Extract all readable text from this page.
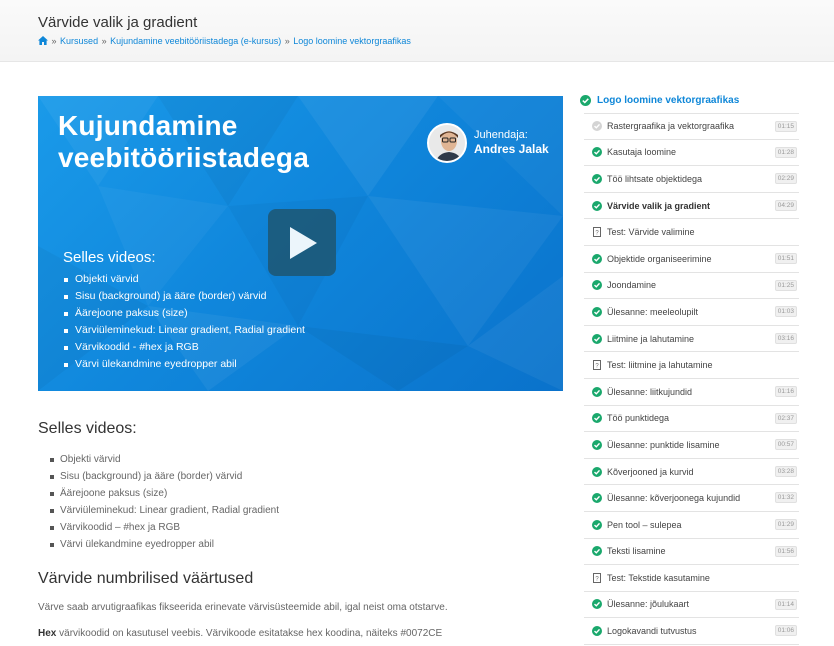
Värvide valik ja gradient
» Kursused » Kujundamine veebitööriistadega (e-kursus) » Logo loomine vektorgraafikas
Kujundamine
veebitööriistadega
Juhendaja:
Andres Jalak
Selles videos:
Objekti värvid
Sisu (background) ja ääre (border) värvid
Äärejoone paksus (size)
Värviüleminekud: Linear gradient, Radial gradient
Värvikoodid - #hex ja RGB
Värvi ülekandmine eyedropper abil
Selles videos:
Objekti värvid
Sisu (background) ja ääre (border) värvid
Äärejoone paksus (size)
Värviüleminekud: Linear gradient, Radial gradient
Värvikoodid – #hex ja RGB
Värvi ülekandmine eyedropper abil
Värvide numbrilised väärtused
Värve saab arvutigraafikas fikseerida erinevate värvisüsteemide abil, igal neist oma otstarve.
Hex värvikoodid on kasutusel veebis. Värvikoode esitatakse hex koodina, näiteks #0072CE
Logo loomine vektorgraafikas
Rastergraafika ja vektorgraafika	01:15
Kasutaja loomine	01:28
Töö lihtsate objektidega	02:29
Värvide valik ja gradient	04:29
? Test: Värvide valimine
Objektide organiseerimine	01:51
Joondamine	01:25
Ülesanne: meeleolupilt	01:03
Liitmine ja lahutamine	03:16
? Test: liitmine ja lahutamine
Ülesanne: liitkujundid	01:16
Töö punktidega	02:37
Ülesanne: punktide lisamine	00:57
Kõverjooned ja kurvid	03:28
Ülesanne: kõverjoonega kujundid	01:32
Pen tool – sulepea	01:29
Teksti lisamine	01:56
? Test: Tekstide kasutamine
Ülesanne: jõulukaart	01:14
Logokavandi tutvustus	01:06
